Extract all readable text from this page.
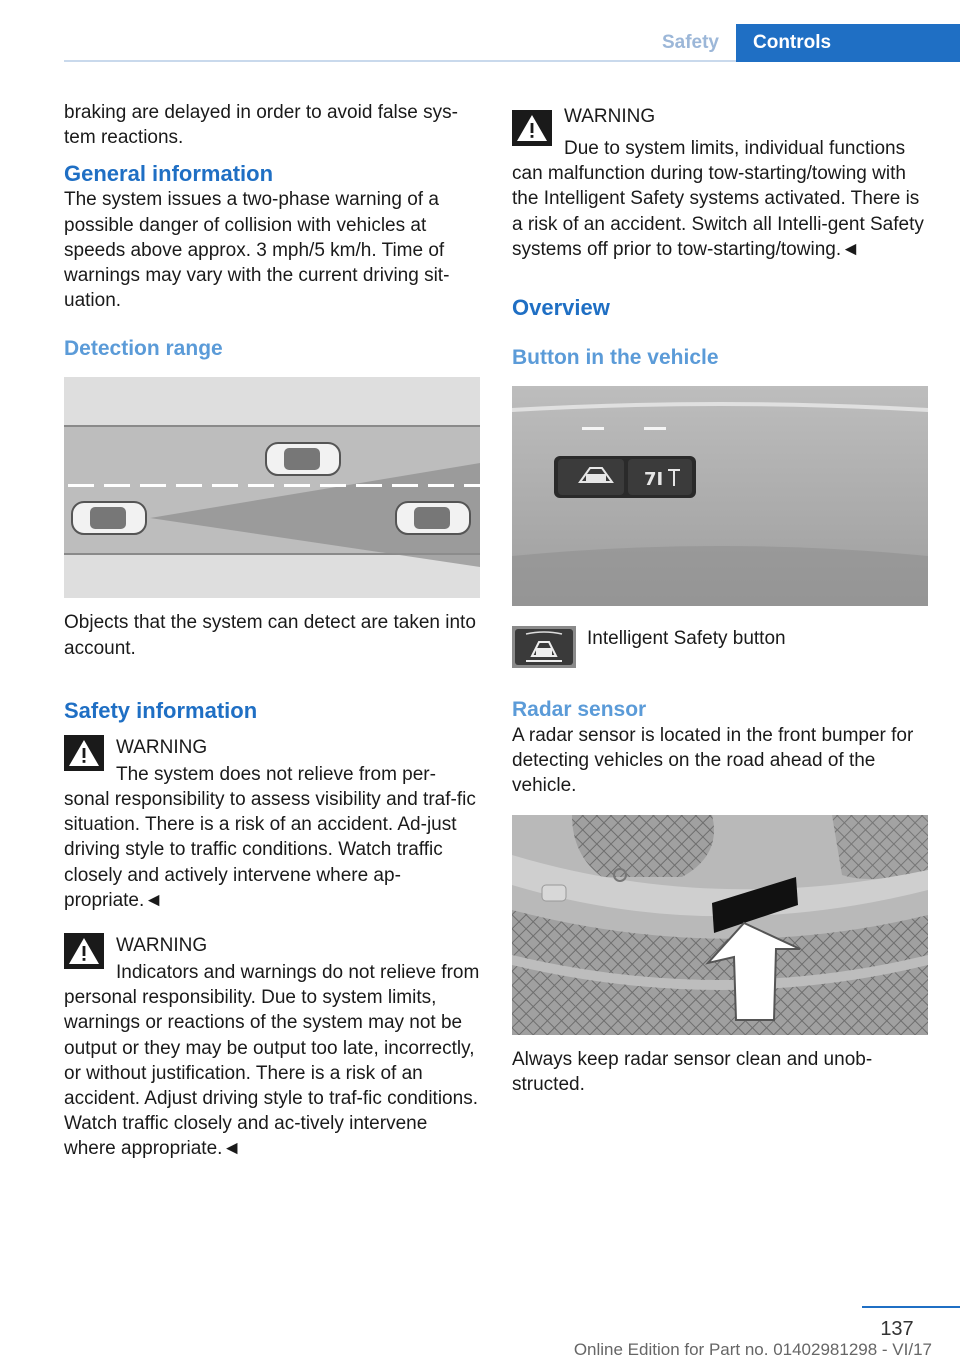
Safety	Controls

braking are delayed in order to avoid false sys‐
tem reactions.

General information

The system issues a two-phase warning of a possible danger of collision with vehicles at speeds above approx. 3 mph/5 km/h. Time of warnings may vary with the current driving sit‐uation.

Detection range

Objects that the system can detect are taken into account.

Safety information
WARNING

The system does not relieve from per‐sonal responsibility to assess visibility and traf‐fic situation. There is a risk of an accident. Ad‐just driving style to traffic conditions. Watch traffic closely and actively intervene where ap‐propriate.◄

WARNING

Indicators and warnings do not relieve from personal responsibility. Due to system limits, warnings or reactions of the system may not be output or they may be output too late, incorrectly, or without justification. There is a risk of an accident. Adjust driving style to traf‐fic conditions. Watch traffic closely and ac‐tively intervene where appropriate.◄

WARNING

Due to system limits, individual functions can malfunction during tow-starting/towing with the Intelligent Safety systems activated. There is a risk of an accident. Switch all Intelli‐gent Safety systems off prior to tow-starting/towing.◄

Overview
Button in the vehicle
7I
Intelligent Safety button
Radar sensor

A radar sensor is located in the front bumper for detecting vehicles on the road ahead of the vehicle.

Always keep radar sensor clean and unob‐structed.

137
Online Edition for Part no. 01402981298 - VI/17
